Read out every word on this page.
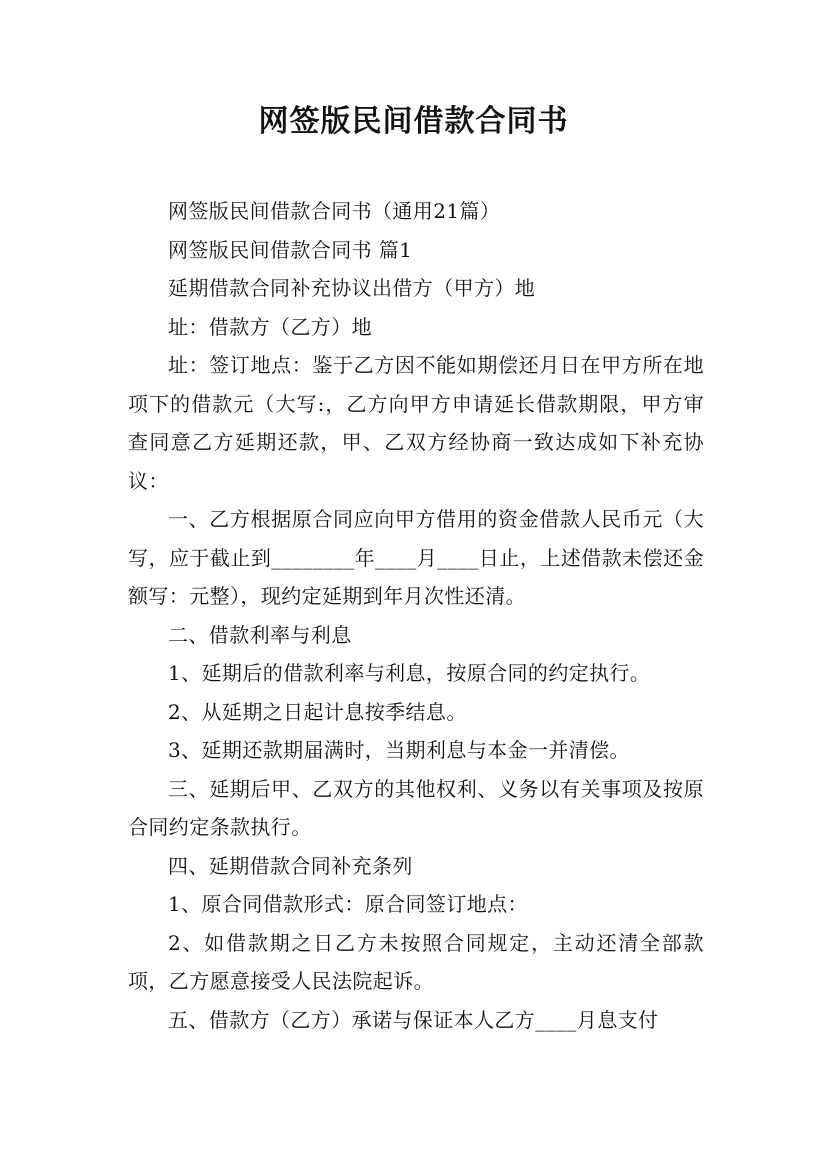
网签版民间借款合同书

网签版民间借款合同书（通用21篇）

网签版民间借款合同书 篇1

延期借款合同补充协议出借方（甲方）地

址：借款方（乙方）地

址：签订地点：鉴于乙方因不能如期偿还月日在甲方所在地项下的借款元（大写:，乙方向甲方申请延长借款期限，甲方审查同意乙方延期还款，甲、乙双方经协商一致达成如下补充协议：

一、乙方根据原合同应向甲方借用的资金借款人民币元（大写，应于截止到________年____月____日止，上述借款未偿还金额写：元整），现约定延期到年月次性还清。

二、借款利率与利息

1、延期后的借款利率与利息，按原合同的约定执行。

2、从延期之日起计息按季结息。

3、延期还款期届满时，当期利息与本金一并清偿。

三、延期后甲、乙双方的其他权利、义务以有关事项及按原合同约定条款执行。

四、延期借款合同补充条列

1、原合同借款形式：原合同签订地点：

2、如借款期之日乙方未按照合同规定，主动还清全部款项，乙方愿意接受人民法院起诉。

五、借款方（乙方）承诺与保证本人乙方____月息支付
